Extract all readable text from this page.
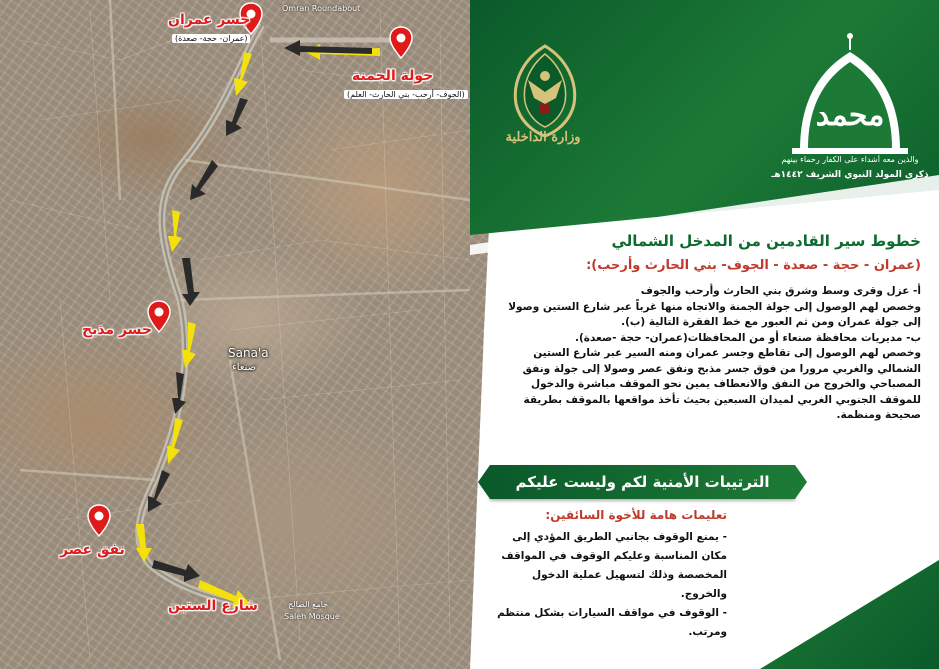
جسر عمران
(عمران- حجة- صعدة)
Omran Roundabout
جولة الجمنة
(الجوف- أرحب- بني الحارث- العلم)
جسر مذبح
Sana'a
صنعاء
نفق عصر
شارع الستين	جامع الصالح
Saleh Mosque
وزارة الداخلية
محمد
والذين معه أشداء على الكفار رحماء بينهم
ذكرى المولد النبوي الشريف ١٤٤٢هـ
خطوط سير القادمين من المدخل الشمالي
(عمران - حجة - صعدة - الجوف- بني الحارث وأرحب):

أ- عزل وقرى وسط وشرق بني الحارث وأرحب والجوف

وخصص لهم الوصول إلى جولة الجمنة والاتجاه منها غرباً عبر شارع الستين وصولا إلى جولة عمران ومن ثم العبور مع خط الفقرة التالية (ب).

ب- مديريات محافظة صنعاء أو من المحافظات(عمران- حجة -صعدة).

وخصص لهم الوصول إلى تقاطع وجسر عمران ومنه السير عبر شارع الستين الشمالي والغربي مرورا من فوق جسر مذبح ونفق عصر وصولا إلى جولة ونفق المصباحي والخروج من النفق والانعطاف يمين نحو الموقف مباشرة والدخول للموقف الجنوبي الغربي لميدان السبعين بحيث تأخذ مواقعها بالموقف بطريقة صحيحة ومنظمة.

الترتيبات الأمنية لكم وليست عليكم
تعليمات هامة للأخوة السائقين:

- يمنع الوقوف بجانبي الطريق المؤدي إلى مكان المناسبة وعليكم الوقوف في المواقف المخصصة وذلك لتسهيل عملية الدخول والخروج.

- الوقوف في مواقف السيارات بشكل منتظم ومرتب.
